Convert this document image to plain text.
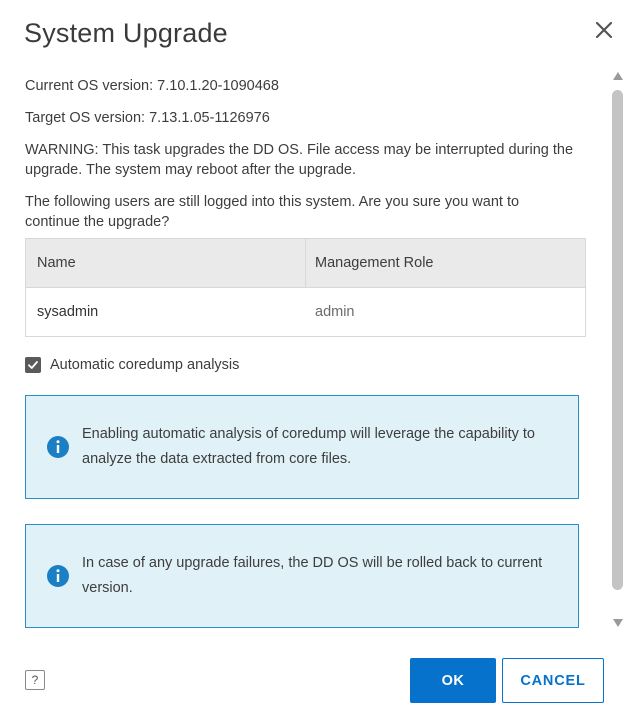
System Upgrade
Current OS version: 7.10.1.20-1090468
Target OS version: 7.13.1.05-1126976
WARNING: This task upgrades the DD OS. File access may be interrupted during the upgrade. The system may reboot after the upgrade.
The following users are still logged into this system. Are you sure you want to continue the upgrade?
Name	Management Role
sysadmin	admin
Automatic coredump analysis
Enabling automatic analysis of coredump will leverage the capability to analyze the data extracted from core files.
In case of any upgrade failures, the DD OS will be rolled back to current version.
?	OK	CANCEL
